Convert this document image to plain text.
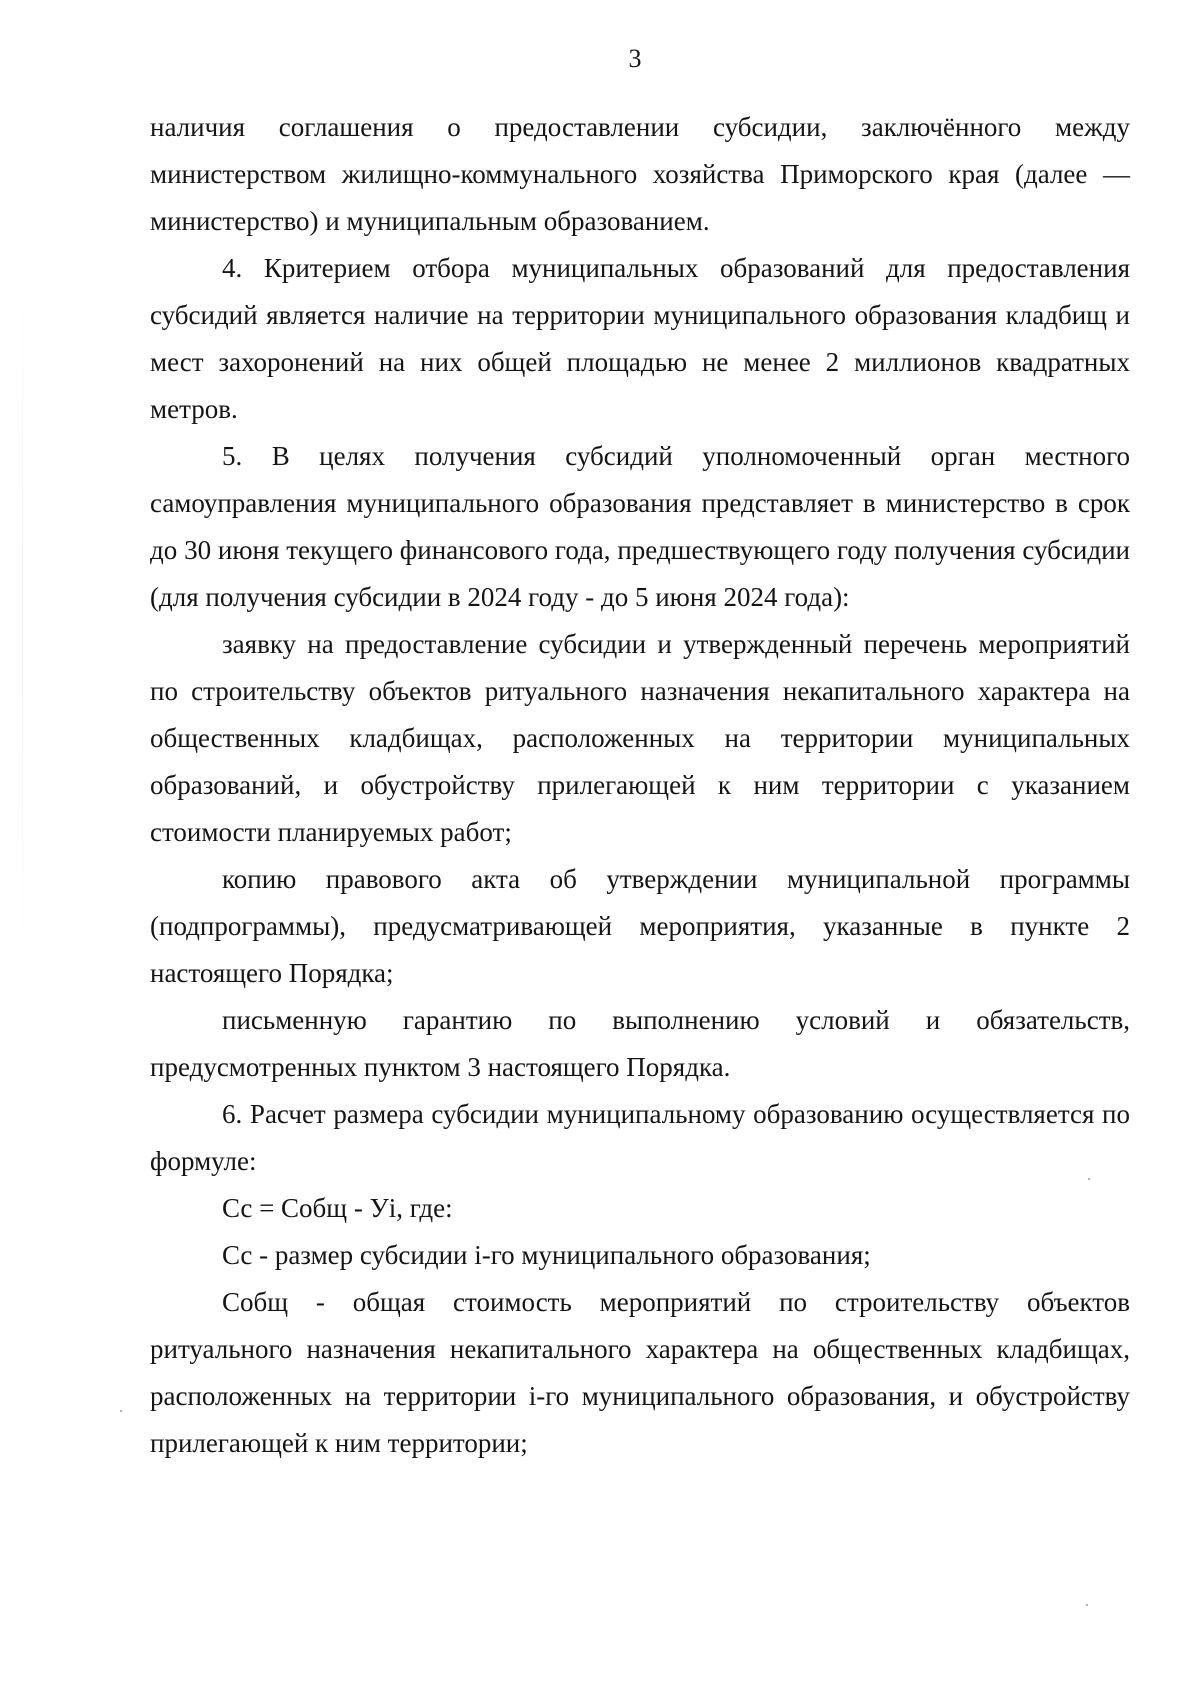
3

наличия соглашения о предоставлении субсидии, заключённого между министерством жилищно-коммунального хозяйства Приморского края (далее — министерство) и муниципальным образованием.

4. Критерием отбора муниципальных образований для предоставления субсидий является наличие на территории муниципального образования кладбищ и мест захоронений на них общей площадью не менее 2 миллионов квадратных метров.

5. В целях получения субсидий уполномоченный орган местного самоуправления муниципального образования представляет в министерство в срок до 30 июня текущего финансового года, предшествующего году получения субсидии (для получения субсидии в 2024 году - до 5 июня 2024 года):

заявку на предоставление субсидии и утвержденный перечень мероприятий по строительству объектов ритуального назначения некапитального характера на общественных кладбищах, расположенных на территории муниципальных образований, и обустройству прилегающей к ним территории с указанием стоимости планируемых работ;

копию правового акта об утверждении муниципальной программы (подпрограммы), предусматривающей мероприятия, указанные в пункте 2 настоящего Порядка;

письменную гарантию по выполнению условий и обязательств, предусмотренных пунктом 3 настоящего Порядка.

6. Расчет размера субсидии муниципальному образованию осуществляется по формуле:

Сс = Собщ - Уi, где:

Сс - размер субсидии i-го муниципального образования;

Собщ - общая стоимость мероприятий по строительству объектов ритуального назначения некапитального характера на общественных кладбищах, расположенных на территории i-го муниципального образования, и обустройству прилегающей к ним территории;
